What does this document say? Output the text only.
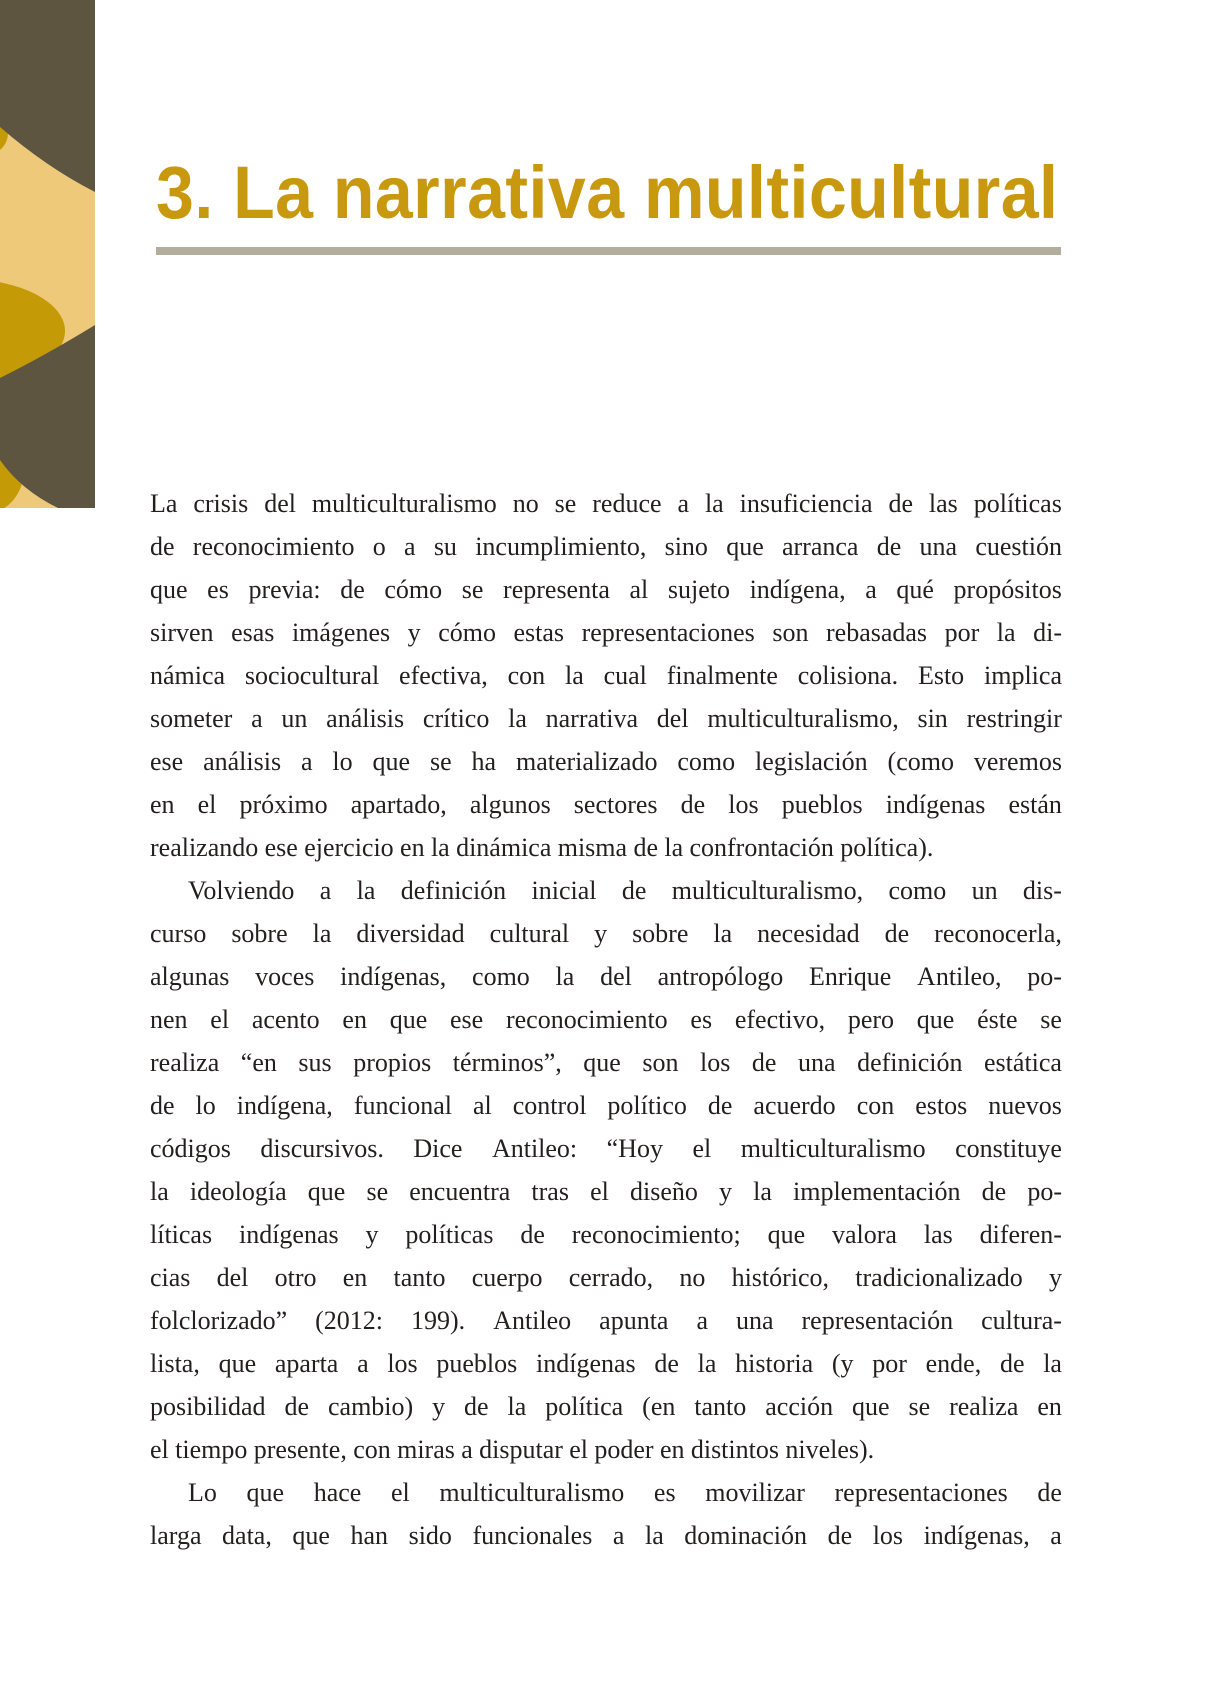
3. La narrativa multicultural
La crisis del multiculturalismo no se reduce a la insuficiencia de las políticas
de reconocimiento o a su incumplimiento, sino que arranca de una cuestión
que es previa: de cómo se representa al sujeto indígena, a qué propósitos
sirven esas imágenes y cómo estas representaciones son rebasadas por la di-
námica sociocultural efectiva, con la cual finalmente colisiona. Esto implica
someter a un análisis crítico la narrativa del multiculturalismo, sin restringir
ese análisis a lo que se ha materializado como legislación (como veremos
en el próximo apartado, algunos sectores de los pueblos indígenas están
realizando ese ejercicio en la dinámica misma de la confrontación política).
Volviendo a la definición inicial de multiculturalismo, como un dis-
curso sobre la diversidad cultural y sobre la necesidad de reconocerla,
algunas voces indígenas, como la del antropólogo Enrique Antileo, po-
nen el acento en que ese reconocimiento es efectivo, pero que éste se
realiza “en sus propios términos”, que son los de una definición estática
de lo indígena, funcional al control político de acuerdo con estos nuevos
códigos discursivos. Dice Antileo: “Hoy el multiculturalismo constituye
la ideología que se encuentra tras el diseño y la implementación de po-
líticas indígenas y políticas de reconocimiento; que valora las diferen-
cias del otro en tanto cuerpo cerrado, no histórico, tradicionalizado y
folclorizado” (2012: 199). Antileo apunta a una representación cultura-
lista, que aparta a los pueblos indígenas de la historia (y por ende, de la
posibilidad de cambio) y de la política (en tanto acción que se realiza en
el tiempo presente, con miras a disputar el poder en distintos niveles).
Lo que hace el multiculturalismo es movilizar representaciones de
larga data, que han sido funcionales a la dominación de los indígenas, a
